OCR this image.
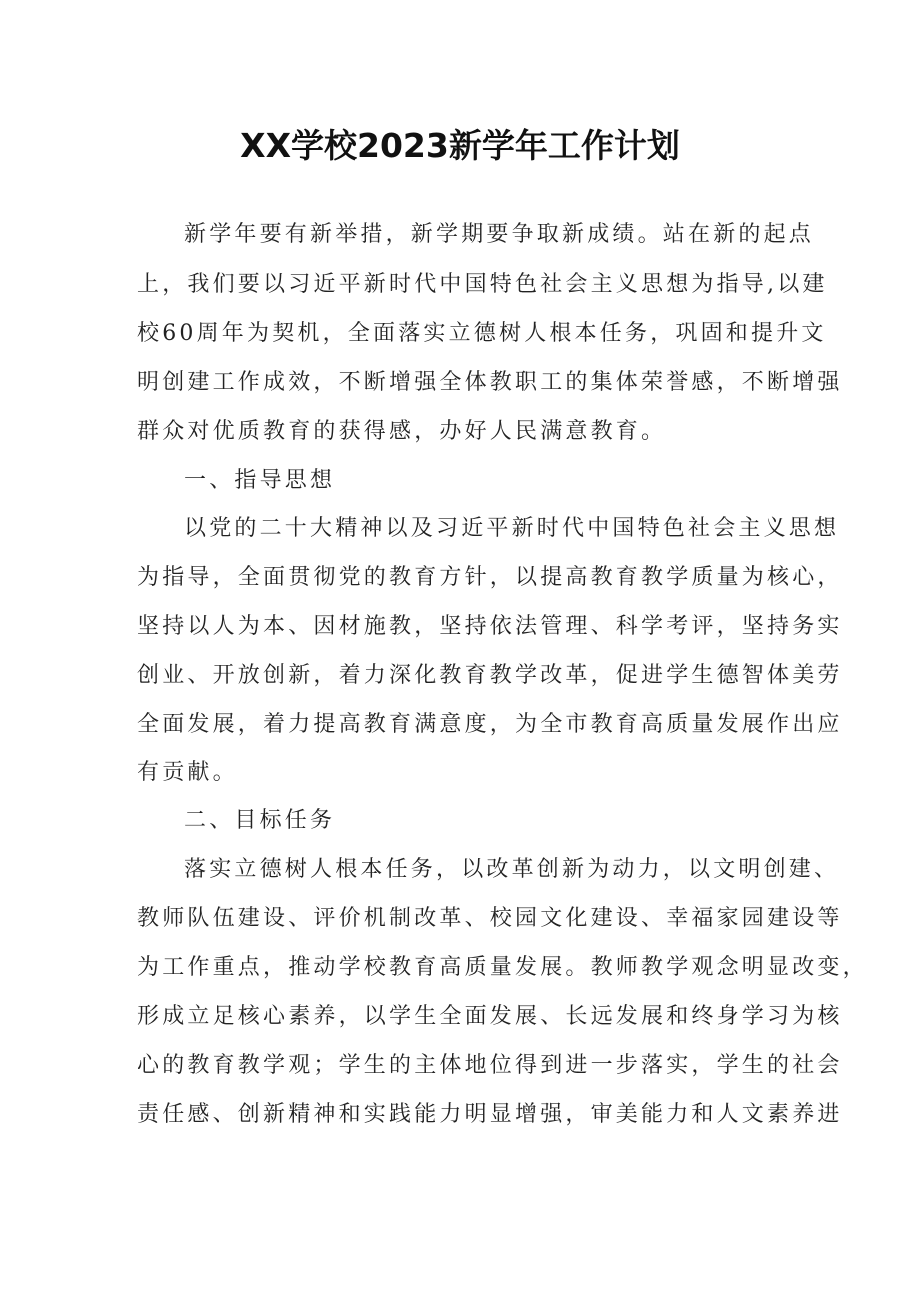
XX学校2023新学年工作计划
新学年要有新举措，新学期要争取新成绩。站在新的起点
上，我们要以习近平新时代中国特色社会主义思想为指导,以建
校60周年为契机，全面落实立德树人根本任务，巩固和提升文
明创建工作成效，不断增强全体教职工的集体荣誉感，不断增强
群众对优质教育的获得感，办好人民满意教育。
一、指导思想
以党的二十大精神以及习近平新时代中国特色社会主义思想
为指导，全面贯彻党的教育方针，以提高教育教学质量为核心，
坚持以人为本、因材施教，坚持依法管理、科学考评，坚持务实
创业、开放创新，着力深化教育教学改革，促进学生德智体美劳
全面发展，着力提高教育满意度，为全市教育高质量发展作出应
有贡献。
二、目标任务
落实立德树人根本任务，以改革创新为动力，以文明创建、
教师队伍建设、评价机制改革、校园文化建设、幸福家园建设等
为工作重点，推动学校教育高质量发展。教师教学观念明显改变，
形成立足核心素养，以学生全面发展、长远发展和终身学习为核
心的教育教学观；学生的主体地位得到进一步落实，学生的社会
责任感、创新精神和实践能力明显增强，审美能力和人文素养进
